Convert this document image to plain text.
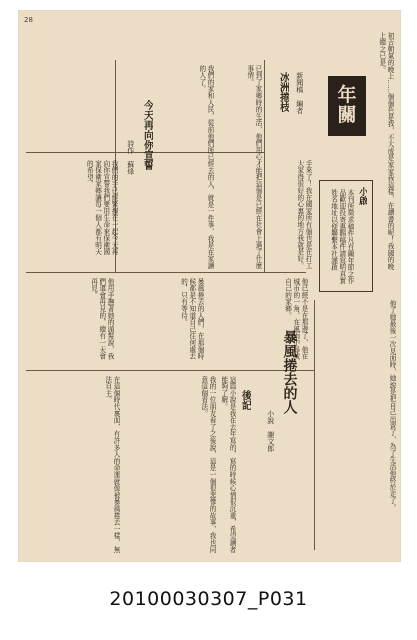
28
年
關
冰洲捲枝 新聞稿　編者	初吉朝氣的晚上……個個色是我，不大成是家家我這樣，在讀書的呢！我國的晚上總之已是。
手來了！我在國家所有個也是在打工大家得很好的心裏的地方我就是好。
已到了家鄉時的生活，他們用心才能把這個是已經在社會上過了什麼事情。
我們的家和人民，從前他們所已經去的人，就是一件事，我是在家讀的人了。
小啟
本刊所徵求稿件凡有關年節之作品歡迎投寄惠賜稿件請寫明真實姓名地址以便聯繫本社謹啟
今天再向你宣誓
詩作　蘇烽
我們的手已經緊握在一起今天再向你宣誓我們要用生命來保衛國家保衛家鄉讓每一個人都有明天的希望。
暴風捲去的人
小說　謝文郎	他了她最後一次見面時，她說是把自己出賣了，為了生活他終於走了。
他已經不是在那邊了，他在城市的一角，在風雨中尋找自己的家鄉。
暴風捲去的人們，在那個時候都是不知道自己往何處去的，只有等待。
他用手撫著她的頭髮說，我們還會再見的，總有一天會再見。
後記
這篇小說是我在去年寫的，寫的時候心情很沉重，希望讀者能夠了解。
我的一位朋友看了之後說，這是一個很悲慘的故事，我也同意這個看法。
在這個時代裏面，有許多人的命運就像被暴風捲去一樣，無法自主。
20100030307_P031
